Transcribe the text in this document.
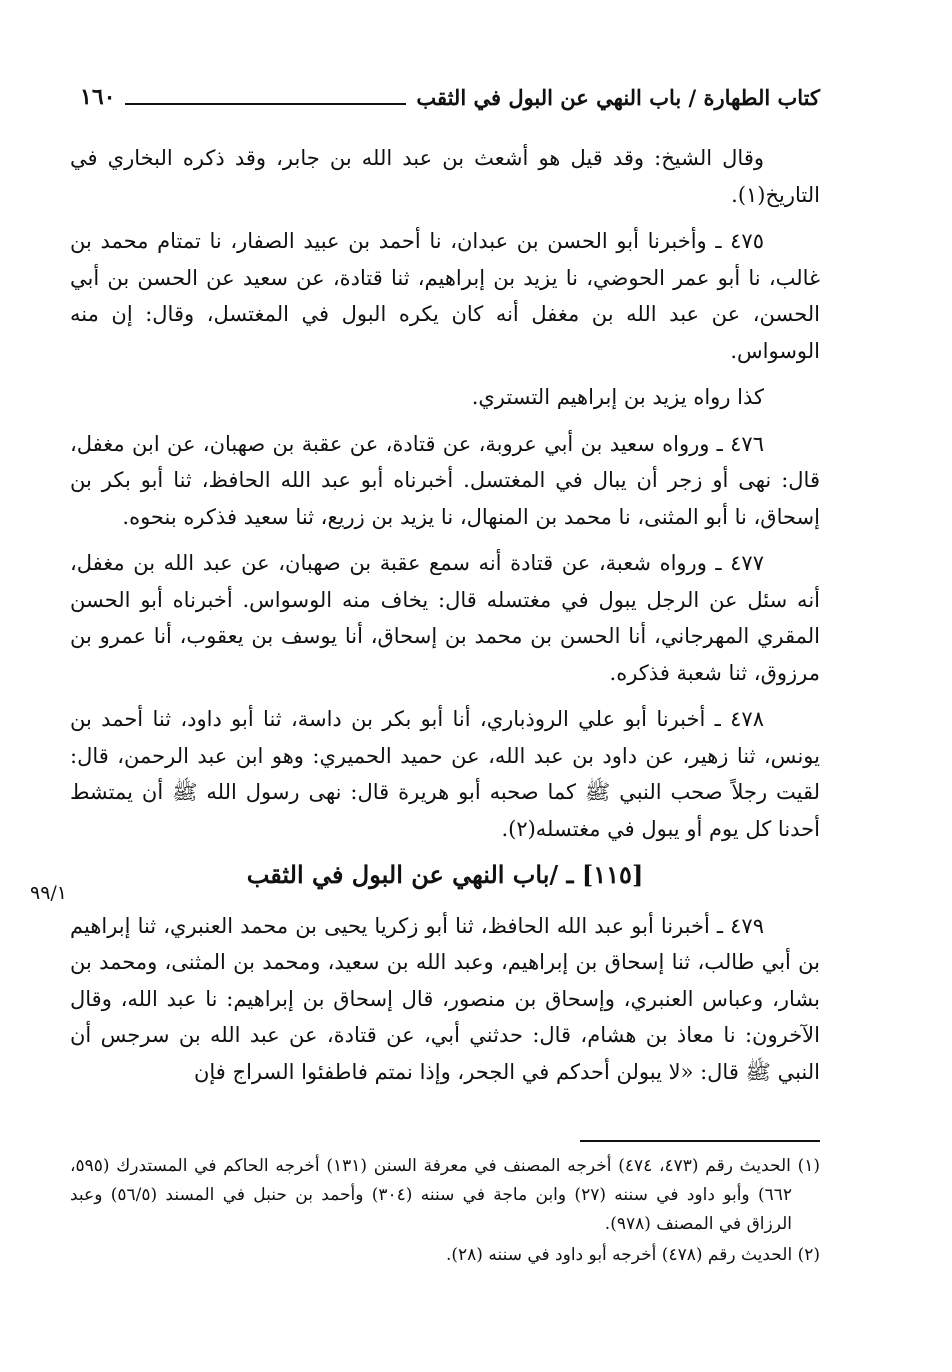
١٦٠	كتاب الطهارة / باب النهي عن البول في الثقب
٩٩/١

وقال الشيخ: وقد قيل هو أشعث بن عبد الله بن جابر، وقد ذكره البخاري في التاريخ(١).

٤٧٥ ـ وأخبرنا أبو الحسن بن عبدان، نا أحمد بن عبيد الصفار، نا تمتام محمد بن غالب، نا أبو عمر الحوضي، نا يزيد بن إبراهيم، ثنا قتادة، عن سعيد عن الحسن بن أبي الحسن، عن عبد الله بن مغفل أنه كان يكره البول في المغتسل، وقال: إن منه الوسواس.

كذا رواه يزيد بن إبراهيم التستري.

٤٧٦ ـ ورواه سعيد بن أبي عروبة، عن قتادة، عن عقبة بن صهبان، عن ابن مغفل، قال: نهى أو زجر أن يبال في المغتسل. أخبرناه أبو عبد الله الحافظ، ثنا أبو بكر بن إسحاق، نا أبو المثنى، نا محمد بن المنهال، نا يزيد بن زريع، ثنا سعيد فذكره بنحوه.

٤٧٧ ـ ورواه شعبة، عن قتادة أنه سمع عقبة بن صهبان، عن عبد الله بن مغفل، أنه سئل عن الرجل يبول في مغتسله قال: يخاف منه الوسواس. أخبرناه أبو الحسن المقري المهرجاني، أنا الحسن بن محمد بن إسحاق، أنا يوسف بن يعقوب، أنا عمرو بن مرزوق، ثنا شعبة فذكره.

٤٧٨ ـ أخبرنا أبو علي الروذباري، أنا أبو بكر بن داسة، ثنا أبو داود، ثنا أحمد بن يونس، ثنا زهير، عن داود بن عبد الله، عن حميد الحميري: وهو ابن عبد الرحمن، قال: لقيت رجلاً صحب النبي ﷺ كما صحبه أبو هريرة قال: نهى رسول الله ﷺ أن يمتشط أحدنا كل يوم أو يبول في مغتسله(٢).

[١١٥] ـ /باب النهي عن البول في الثقب

٤٧٩ ـ أخبرنا أبو عبد الله الحافظ، ثنا أبو زكريا يحيى بن محمد العنبري، ثنا إبراهيم بن أبي طالب، ثنا إسحاق بن إبراهيم، وعبد الله بن سعيد، ومحمد بن المثنى، ومحمد بن بشار، وعباس العنبري، وإسحاق بن منصور، قال إسحاق بن إبراهيم: نا عبد الله، وقال الآخرون: نا معاذ بن هشام، قال: حدثني أبي، عن قتادة، عن عبد الله بن سرجس أن النبي ﷺ قال: «لا يبولن أحدكم في الجحر، وإذا نمتم فاطفئوا السراج فإن

(١) الحديث رقم (٤٧٣، ٤٧٤) أخرجه المصنف في معرفة السنن (١٣١) أخرجه الحاكم في المستدرك (٥٩٥، ٦٦٢) وأبو داود في سننه (٢٧) وابن ماجة في سننه (٣٠٤) وأحمد بن حنبل في المسند (٥٦/٥) وعبد الرزاق في المصنف (٩٧٨).

(٢) الحديث رقم (٤٧٨) أخرجه أبو داود في سننه (٢٨).
